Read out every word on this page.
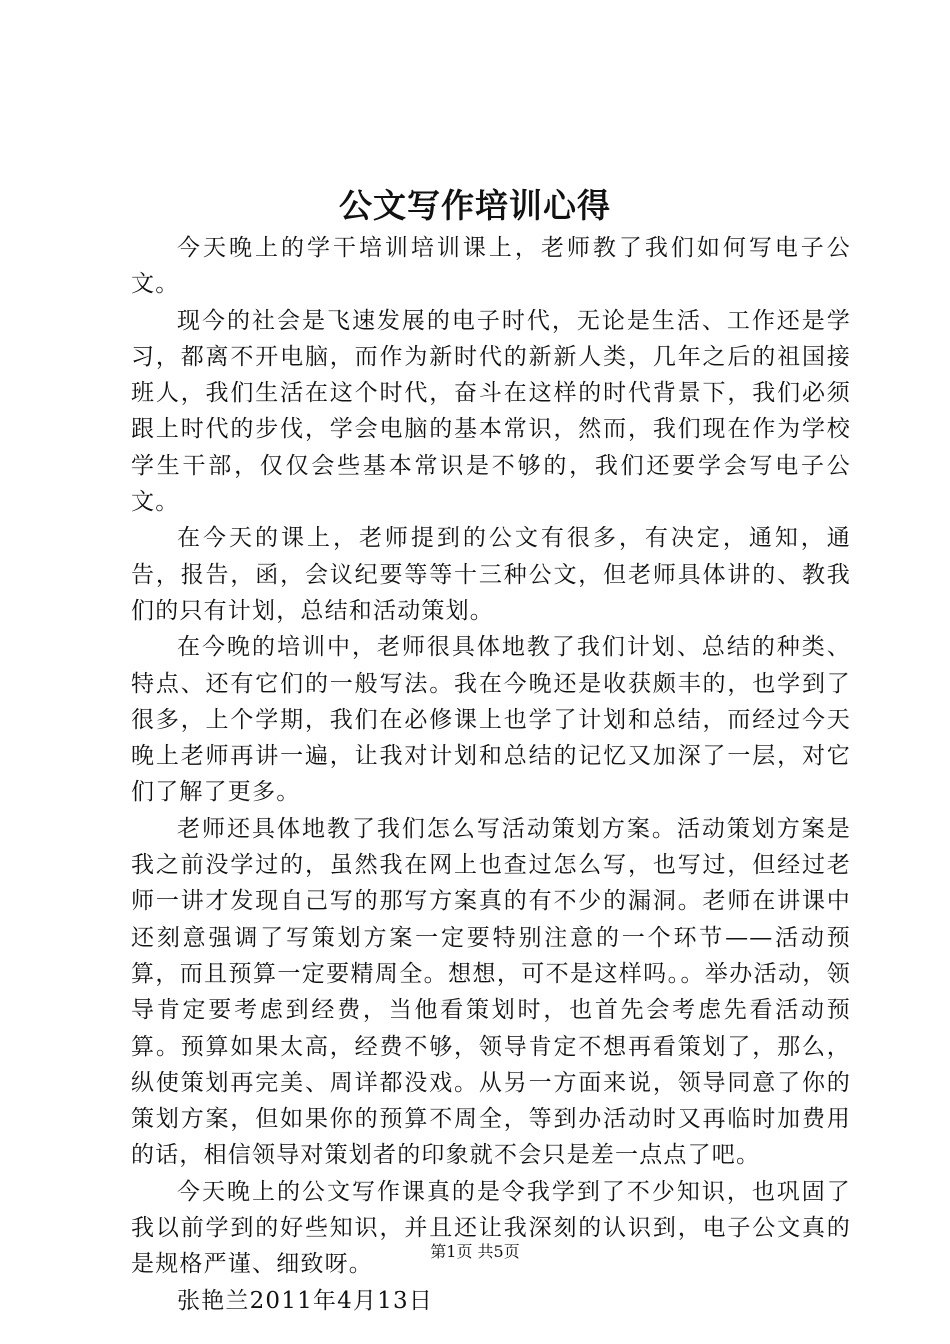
公文写作培训心得

今天晚上的学干培训培训课上，老师教了我们如何写电子公文。

现今的社会是飞速发展的电子时代，无论是生活、工作还是学习，都离不开电脑，而作为新时代的新新人类，几年之后的祖国接班人，我们生活在这个时代，奋斗在这样的时代背景下，我们必须跟上时代的步伐，学会电脑的基本常识，然而，我们现在作为学校学生干部，仅仅会些基本常识是不够的，我们还要学会写电子公文。

在今天的课上，老师提到的公文有很多，有决定，通知，通告，报告，函，会议纪要等等十三种公文，但老师具体讲的、教我们的只有计划，总结和活动策划。

在今晚的培训中，老师很具体地教了我们计划、总结的种类、特点、还有它们的一般写法。我在今晚还是收获颇丰的，也学到了很多，上个学期，我们在必修课上也学了计划和总结，而经过今天晚上老师再讲一遍，让我对计划和总结的记忆又加深了一层，对它们了解了更多。

老师还具体地教了我们怎么写活动策划方案。活动策划方案是我之前没学过的，虽然我在网上也查过怎么写，也写过，但经过老师一讲才发现自己写的那写方案真的有不少的漏洞。老师在讲课中还刻意强调了写策划方案一定要特别注意的一个环节——活动预算，而且预算一定要精周全。想想，可不是这样吗。。举办活动，领导肯定要考虑到经费，当他看策划时，也首先会考虑先看活动预算。预算如果太高，经费不够，领导肯定不想再看策划了，那么，纵使策划再完美、周详都没戏。从另一方面来说，领导同意了你的策划方案，但如果你的预算不周全，等到办活动时又再临时加费用的话，相信领导对策划者的印象就不会只是差一点点了吧。

今天晚上的公文写作课真的是令我学到了不少知识，也巩固了我以前学到的好些知识，并且还让我深刻的认识到，电子公文真的是规格严谨、细致呀。

张艳兰2011年4月13日

第1页 共5页
